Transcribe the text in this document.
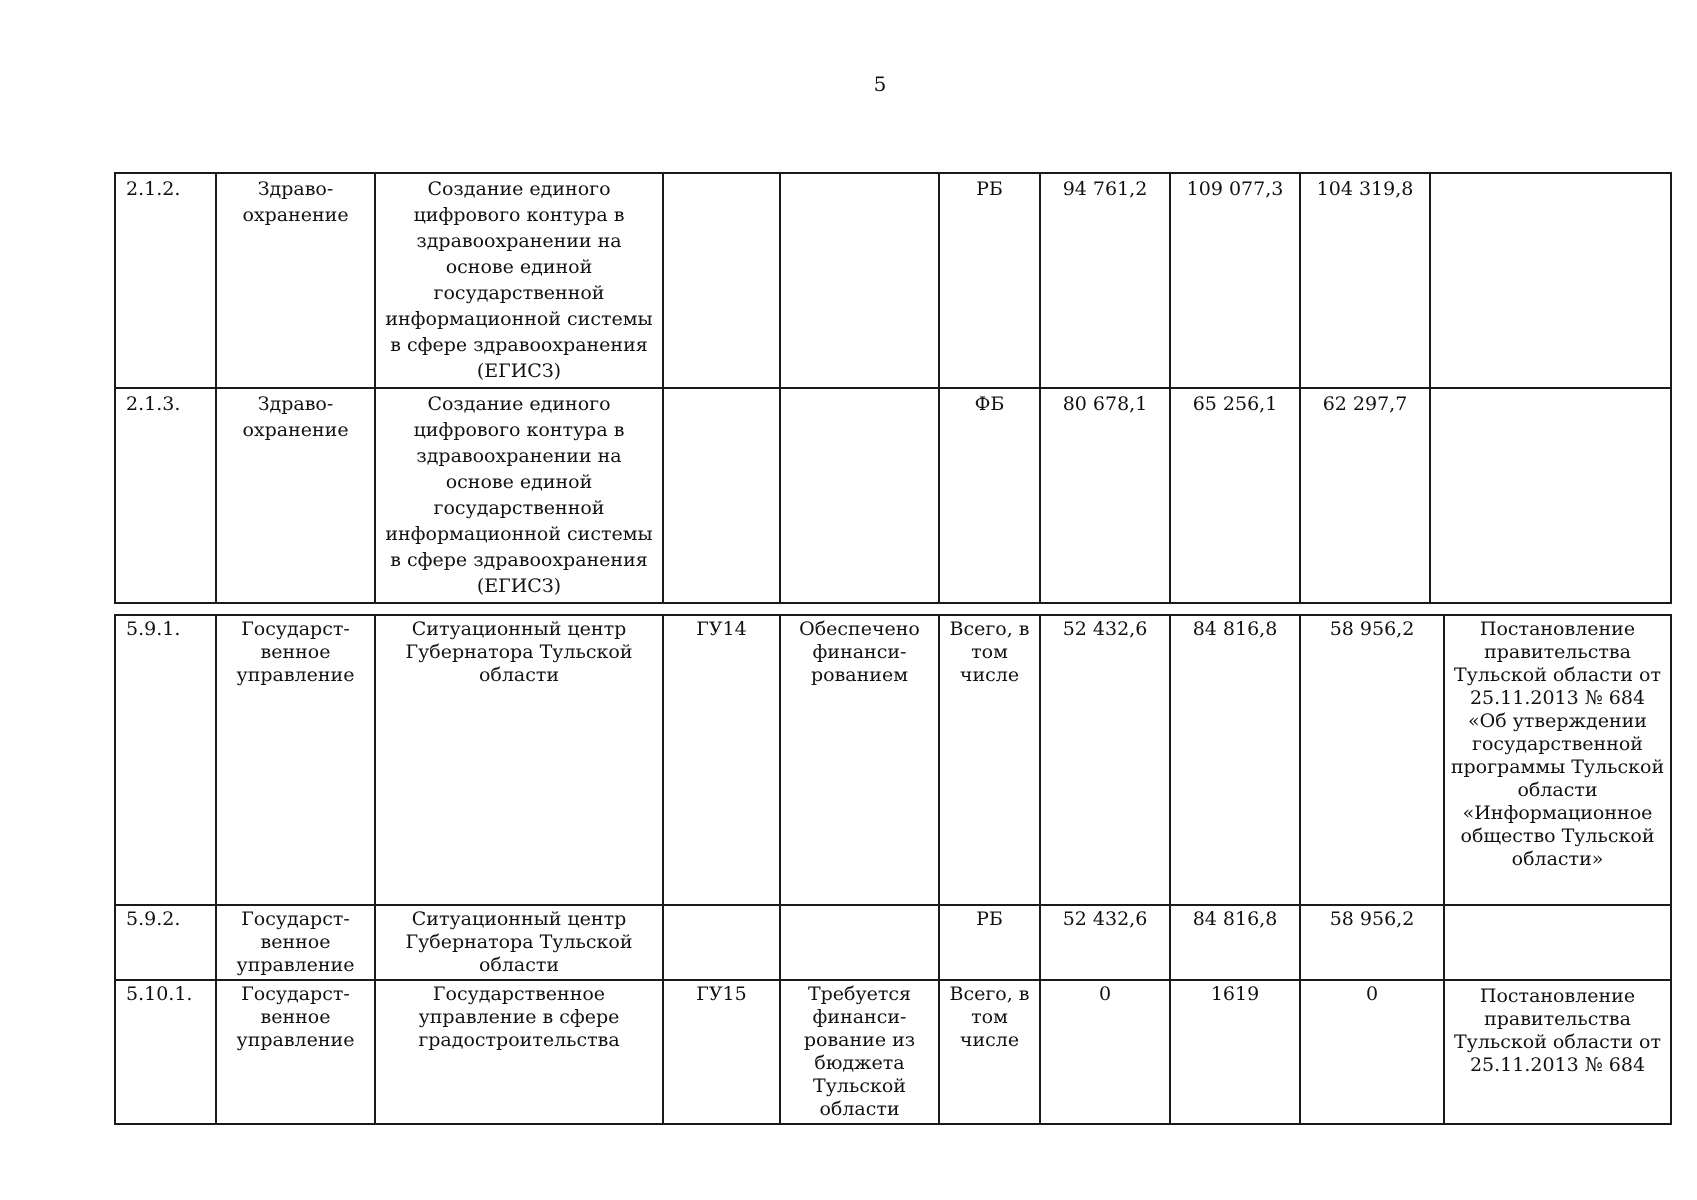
5
2.1.2.	Здраво-охранение	Создание единого цифрового контура в здравоохранении на основе единой государственной информационной системы в сфере здравоохранения (ЕГИСЗ)			РБ	94 761,2	109 077,3	104 319,8	
2.1.3.	Здраво-охранение	Создание единого цифрового контура в здравоохранении на основе единой государственной информационной системы в сфере здравоохранения (ЕГИСЗ)			ФБ	80 678,1	65 256,1	62 297,7	
5.9.1.	Государст-венное управление	Ситуационный центр Губернатора Тульской области	ГУ14	Обеспечено финанси-рованием	Всего, в том числе	52 432,6	84 816,8	58 956,2	Постановление правительства Тульской области от 25.11.2013 № 684 «Об утверждении государственной программы Тульской области «Информационное общество Тульской области»
5.9.2.	Государст-венное управление	Ситуационный центр Губернатора Тульской области			РБ	52 432,6	84 816,8	58 956,2	
5.10.1.	Государст-венное управление	Государственное управление в сфере градостроительства	ГУ15	Требуется финанси-рование из бюджета Тульской области	Всего, в том числе	0	1619	0	Постановление правительства Тульской области от 25.11.2013 № 684
